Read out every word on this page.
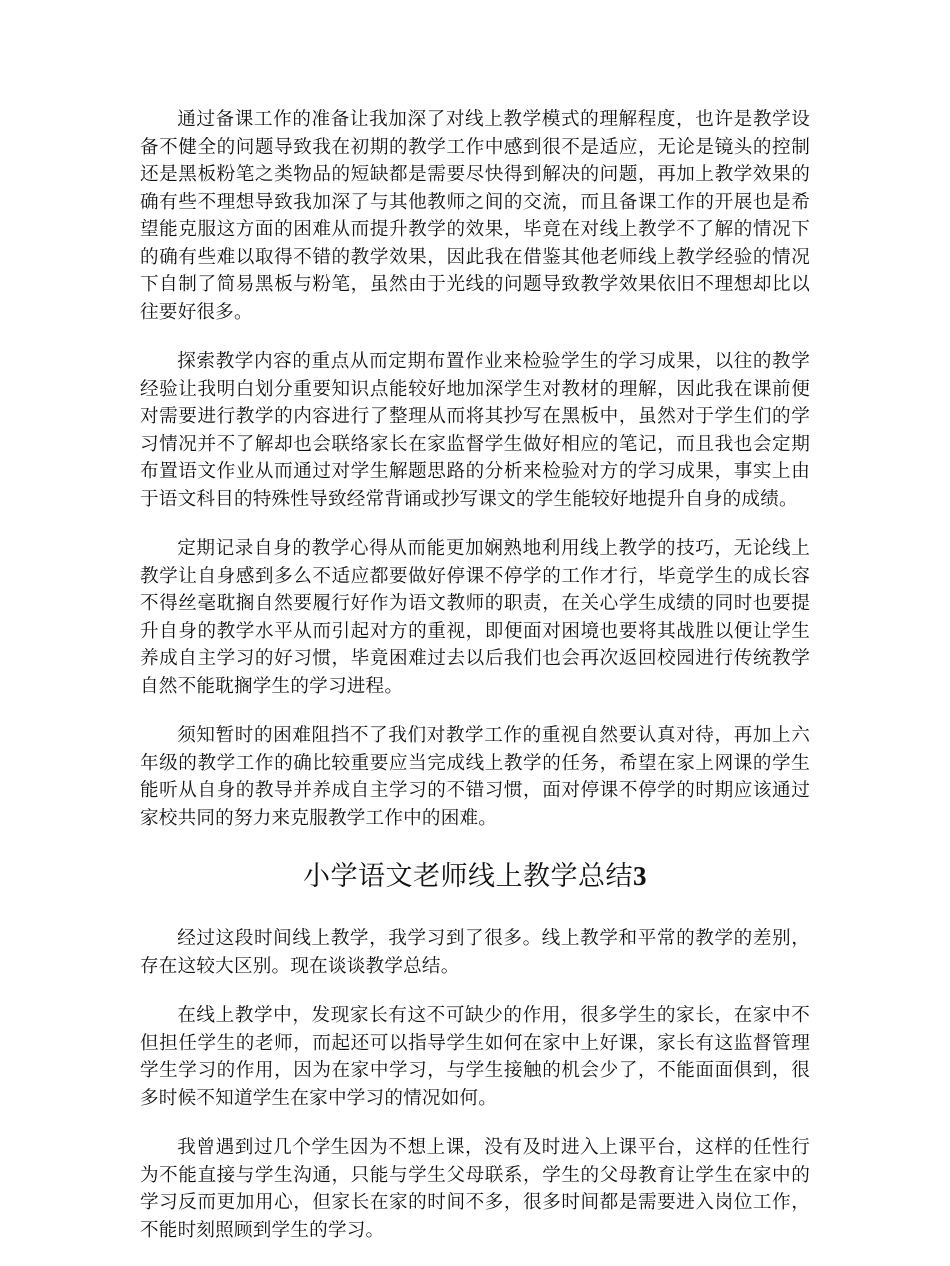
通过备课工作的准备让我加深了对线上教学模式的理解程度，也许是教学设备不健全的问题导致我在初期的教学工作中感到很不是适应，无论是镜头的控制还是黑板粉笔之类物品的短缺都是需要尽快得到解决的问题，再加上教学效果的确有些不理想导致我加深了与其他教师之间的交流，而且备课工作的开展也是希望能克服这方面的困难从而提升教学的效果，毕竟在对线上教学不了解的情况下的确有些难以取得不错的教学效果，因此我在借鉴其他老师线上教学经验的情况下自制了简易黑板与粉笔，虽然由于光线的问题导致教学效果依旧不理想却比以往要好很多。

探索教学内容的重点从而定期布置作业来检验学生的学习成果，以往的教学经验让我明白划分重要知识点能较好地加深学生对教材的理解，因此我在课前便对需要进行教学的内容进行了整理从而将其抄写在黑板中，虽然对于学生们的学习情况并不了解却也会联络家长在家监督学生做好相应的笔记，而且我也会定期布置语文作业从而通过对学生解题思路的分析来检验对方的学习成果，事实上由于语文科目的特殊性导致经常背诵或抄写课文的学生能较好地提升自身的成绩。

定期记录自身的教学心得从而能更加娴熟地利用线上教学的技巧，无论线上教学让自身感到多么不适应都要做好停课不停学的工作才行，毕竟学生的成长容不得丝毫耽搁自然要履行好作为语文教师的职责，在关心学生成绩的同时也要提升自身的教学水平从而引起对方的重视，即便面对困境也要将其战胜以便让学生养成自主学习的好习惯，毕竟困难过去以后我们也会再次返回校园进行传统教学自然不能耽搁学生的学习进程。

须知暂时的困难阻挡不了我们对教学工作的重视自然要认真对待，再加上六年级的教学工作的确比较重要应当完成线上教学的任务，希望在家上网课的学生能听从自身的教导并养成自主学习的不错习惯，面对停课不停学的时期应该通过家校共同的努力来克服教学工作中的困难。

小学语文老师线上教学总结3

经过这段时间线上教学，我学习到了很多。线上教学和平常的教学的差别，存在这较大区别。现在谈谈教学总结。

在线上教学中，发现家长有这不可缺少的作用，很多学生的家长，在家中不但担任学生的老师，而起还可以指导学生如何在家中上好课，家长有这监督管理学生学习的作用，因为在家中学习，与学生接触的机会少了，不能面面俱到，很多时候不知道学生在家中学习的情况如何。

我曾遇到过几个学生因为不想上课，没有及时进入上课平台，这样的任性行为不能直接与学生沟通，只能与学生父母联系，学生的父母教育让学生在家中的学习反而更加用心，但家长在家的时间不多，很多时间都是需要进入岗位工作，不能时刻照顾到学生的学习。
